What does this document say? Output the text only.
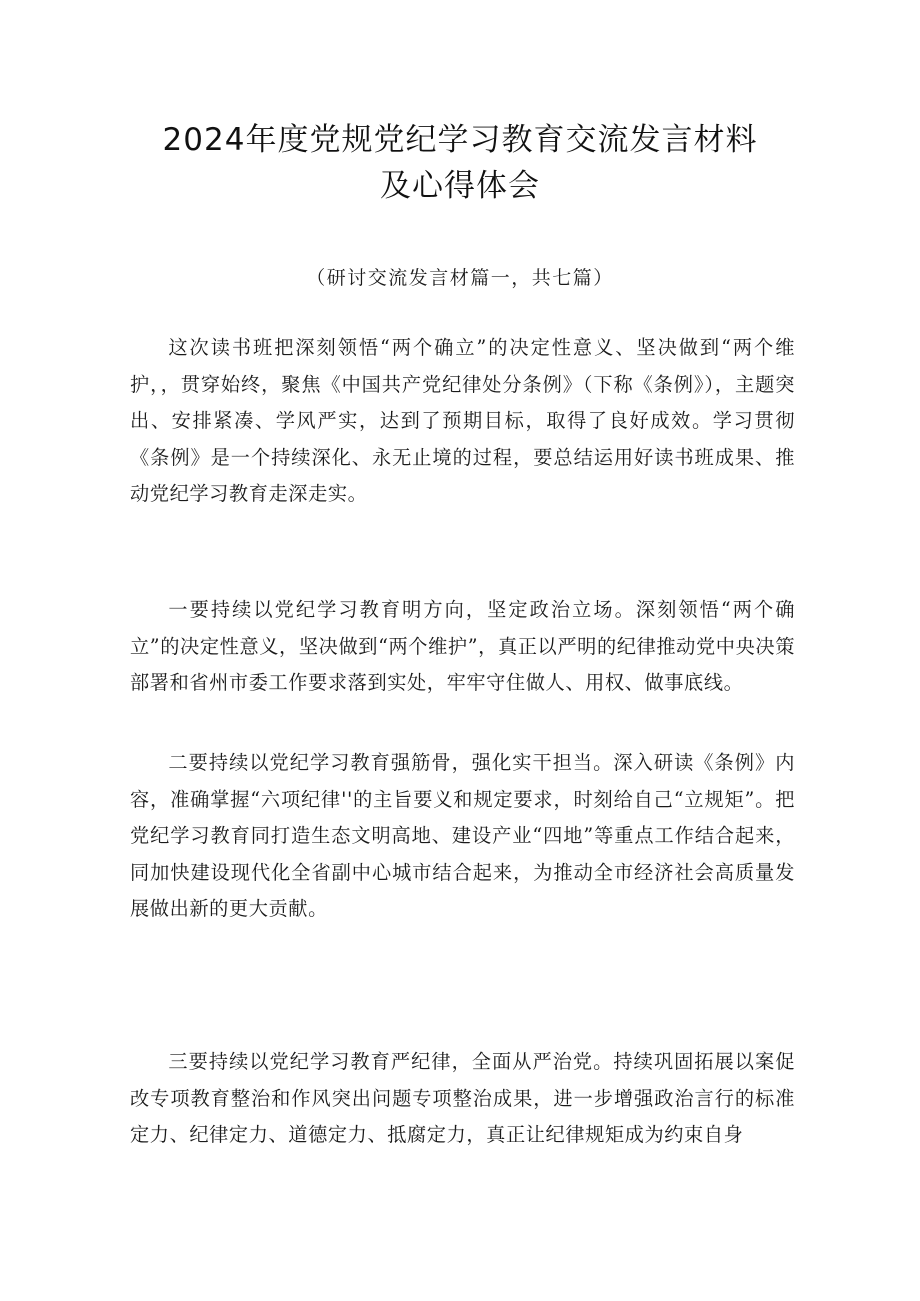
2024年度党规党纪学习教育交流发言材料
及心得体会
（研讨交流发言材篇一，共七篇）

这次读书班把深刻领悟“两个确立”的决定性意义、坚决做到“两个维护，，贯穿始终，聚焦《中国共产党纪律处分条例》（下称《条例》），主题突出、安排紧凑、学风严实，达到了预期目标，取得了良好成效。学习贯彻《条例》是一个持续深化、永无止境的过程，要总结运用好读书班成果、推动党纪学习教育走深走实。

一要持续以党纪学习教育明方向，坚定政治立场。深刻领悟“两个确立”的决定性意义，坚决做到“两个维护”，真正以严明的纪律推动党中央决策部署和省州市委工作要求落到实处，牢牢守住做人、用权、做事底线。

二要持续以党纪学习教育强筋骨，强化实干担当。深入研读《条例》内容，准确掌握“六项纪律''的主旨要义和规定要求，时刻给自己“立规矩”。把党纪学习教育同打造生态文明高地、建设产业“四地”等重点工作结合起来，同加快建设现代化全省副中心城市结合起来，为推动全市经济社会高质量发展做出新的更大贡献。

三要持续以党纪学习教育严纪律，全面从严治党。持续巩固拓展以案促改专项教育整治和作风突出问题专项整治成果，进一步增强政治言行的标准定力、纪律定力、道德定力、抵腐定力，真正让纪律规矩成为约束自身
